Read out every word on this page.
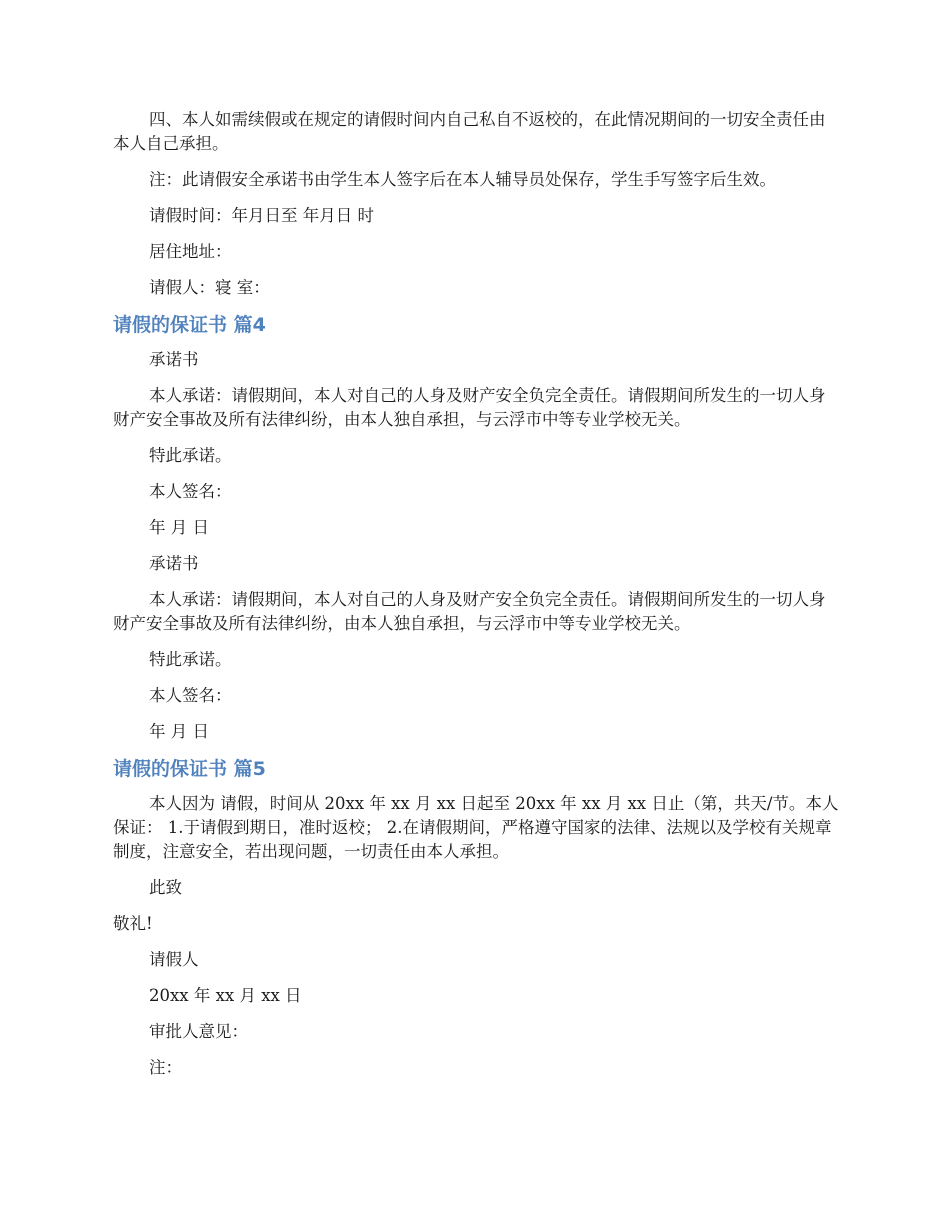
四、本人如需续假或在规定的请假时间内自己私自不返校的，在此情况期间的一切安全责任由本人自己承担。

注：此请假安全承诺书由学生本人签字后在本人辅导员处保存，学生手写签字后生效。

请假时间：年月日至 年月日 时

居住地址：

请假人：寝 室：

请假的保证书 篇4

承诺书

本人承诺：请假期间，本人对自己的人身及财产安全负完全责任。请假期间所发生的一切人身财产安全事故及所有法律纠纷，由本人独自承担，与云浮市中等专业学校无关。

特此承诺。

本人签名：

年 月 日

承诺书

本人承诺：请假期间，本人对自己的人身及财产安全负完全责任。请假期间所发生的一切人身财产安全事故及所有法律纠纷，由本人独自承担，与云浮市中等专业学校无关。

特此承诺。

本人签名：

年 月 日

请假的保证书 篇5

本人因为 请假，时间从 20xx 年 xx 月 xx 日起至 20xx 年 xx 月 xx 日止（第，共天/节。本人保证： 1.于请假到期日，准时返校； 2.在请假期间，严格遵守国家的法律、法规以及学校有关规章制度，注意安全，若出现问题，一切责任由本人承担。

此致

敬礼!

请假人

20xx 年 xx 月 xx 日

审批人意见：

注：
